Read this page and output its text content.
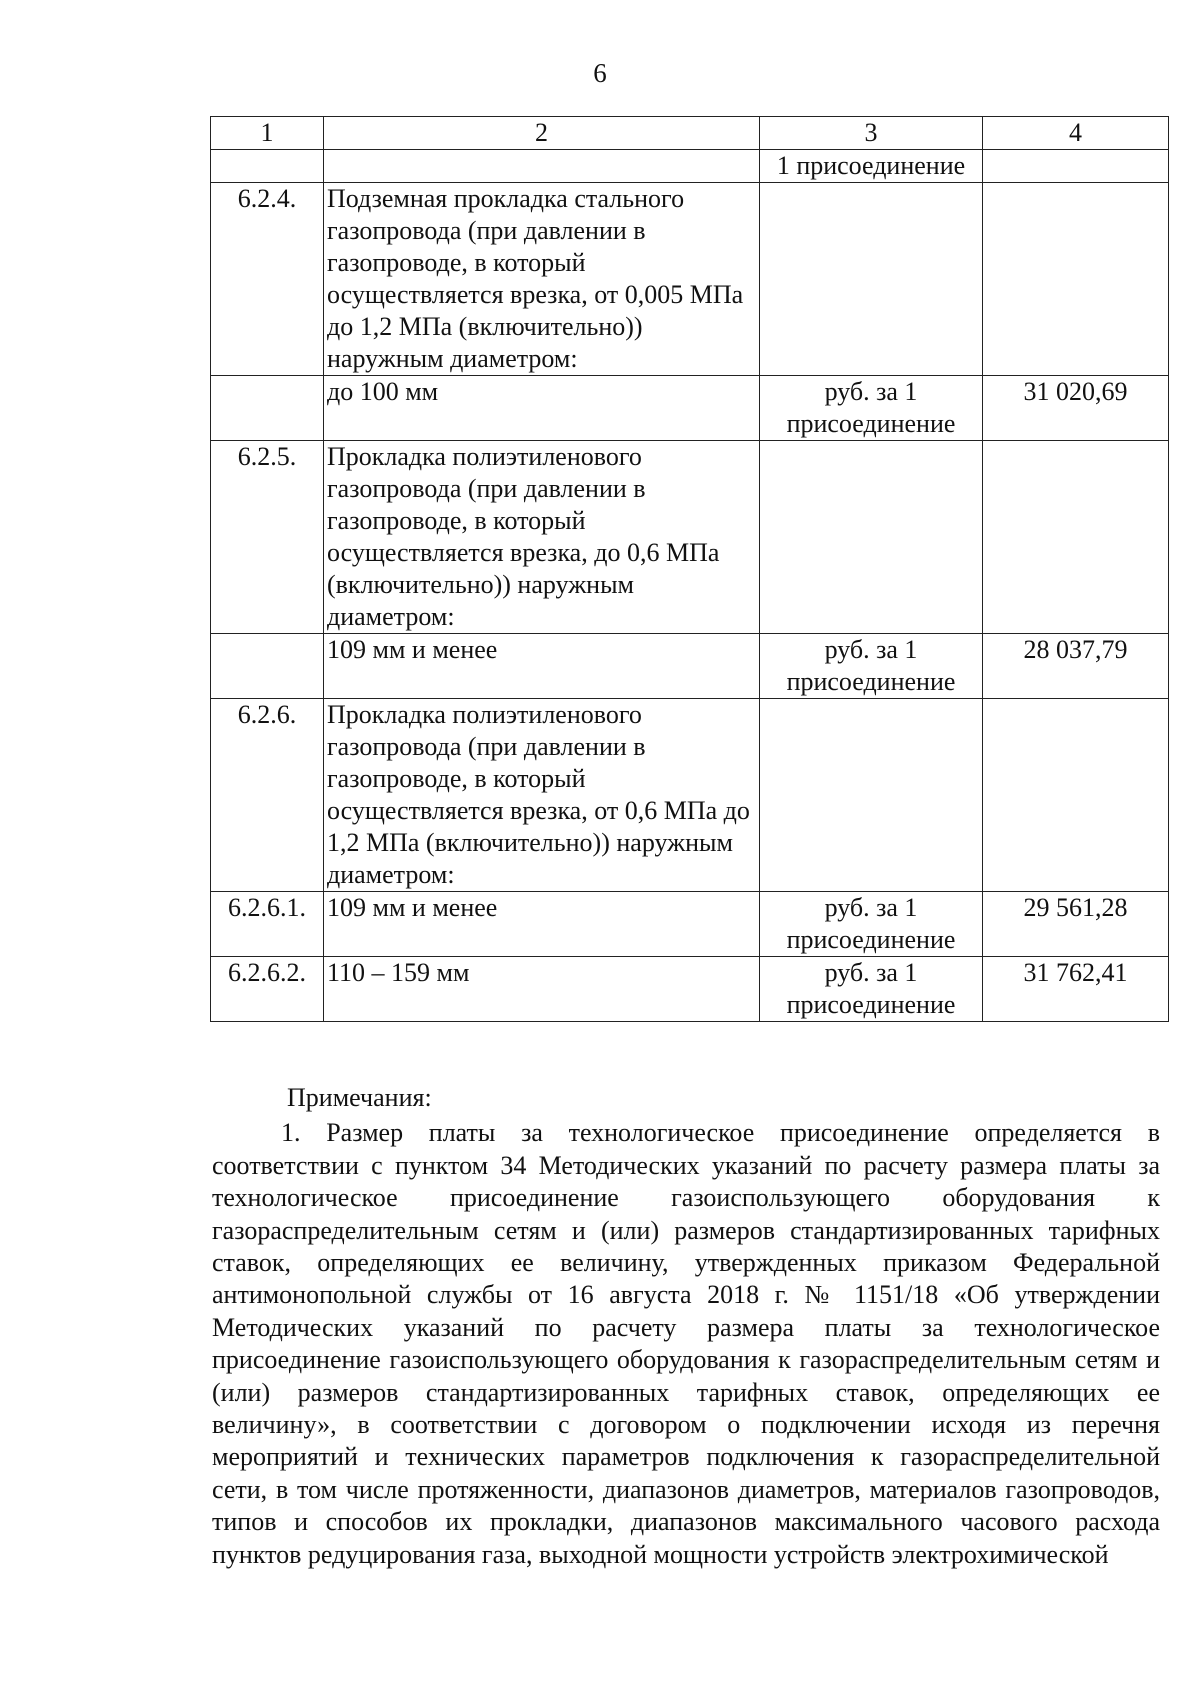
6
1	2	3	4
		1 присоединение	
6.2.4.	Подземная прокладка стального газопровода (при давлении в газопроводе, в который осуществляется врезка, от 0,005 МПа до 1,2 МПа (включительно)) наружным диаметром:		
	до 100 мм	руб. за 1 присоединение	31 020,69
6.2.5.	Прокладка полиэтиленового газопровода (при давлении в газопроводе, в который осуществляется врезка, до 0,6 МПа (включительно)) наружным диаметром:		
	109 мм и менее	руб. за 1 присоединение	28 037,79
6.2.6.	Прокладка полиэтиленового газопровода (при давлении в газопроводе, в который осуществляется врезка, от 0,6 МПа до 1,2 МПа (включительно)) наружным диаметром:		
6.2.6.1.	109 мм и менее	руб. за 1 присоединение	29 561,28
6.2.6.2.	110 – 159 мм	руб. за 1 присоединение	31 762,41

Примечания:

1. Размер платы за технологическое присоединение определяется в соответствии с пунктом 34 Методических указаний по расчету размера платы за технологическое присоединение газоиспользующего оборудования к газораспределительным сетям и (или) размеров стандартизированных тарифных ставок, определяющих ее величину, утвержденных приказом Федеральной антимонопольной службы от 16 августа 2018 г. № 1151/18 «Об утверждении Методических указаний по расчету размера платы за технологическое присоединение газоиспользующего оборудования к газораспределительным сетям и (или) размеров стандартизированных тарифных ставок, определяющих ее величину», в соответствии с договором о подключении исходя из перечня мероприятий и технических параметров подключения к газораспределительной сети, в том числе протяженности, диапазонов диаметров, материалов газопроводов, типов и способов их прокладки, диапазонов максимального часового расхода пунктов редуцирования газа, выходной мощности устройств электрохимической
